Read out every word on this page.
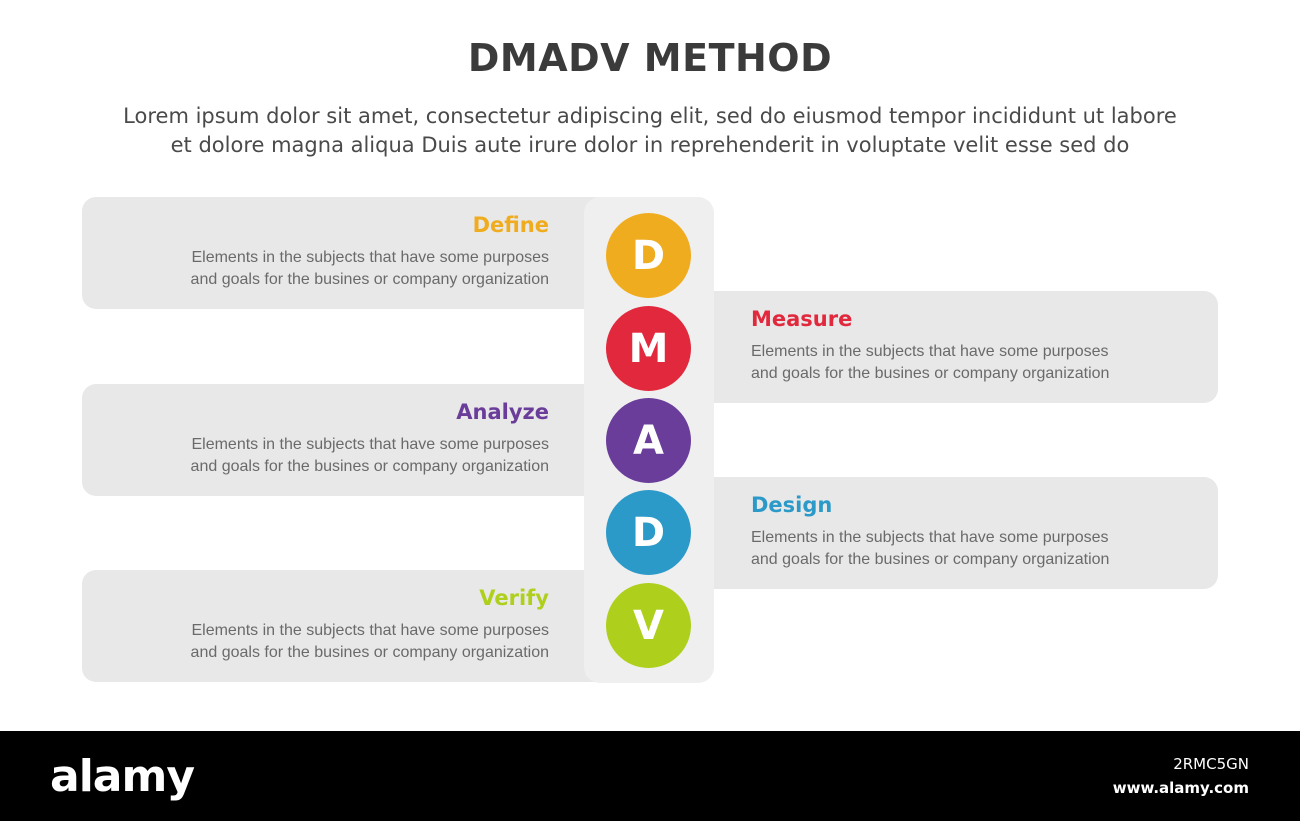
DMADV METHOD
Lorem ipsum dolor sit amet, consectetur adipiscing elit, sed do eiusmod tempor incididunt ut labore
et dolore magna aliqua Duis aute irure dolor in reprehenderit in voluptate velit esse sed do
Define
Elements in the subjects that have some purposes
and goals for the busines or company organization
Measure
Elements in the subjects that have some purposes
and goals for the busines or company organization
Analyze
Elements in the subjects that have some purposes
and goals for the busines or company organization
Design
Elements in the subjects that have some purposes
and goals for the busines or company organization
Verify
Elements in the subjects that have some purposes
and goals for the busines or company organization
D
M
A
D
V
alamy	2RMC5GN
www.alamy.com
